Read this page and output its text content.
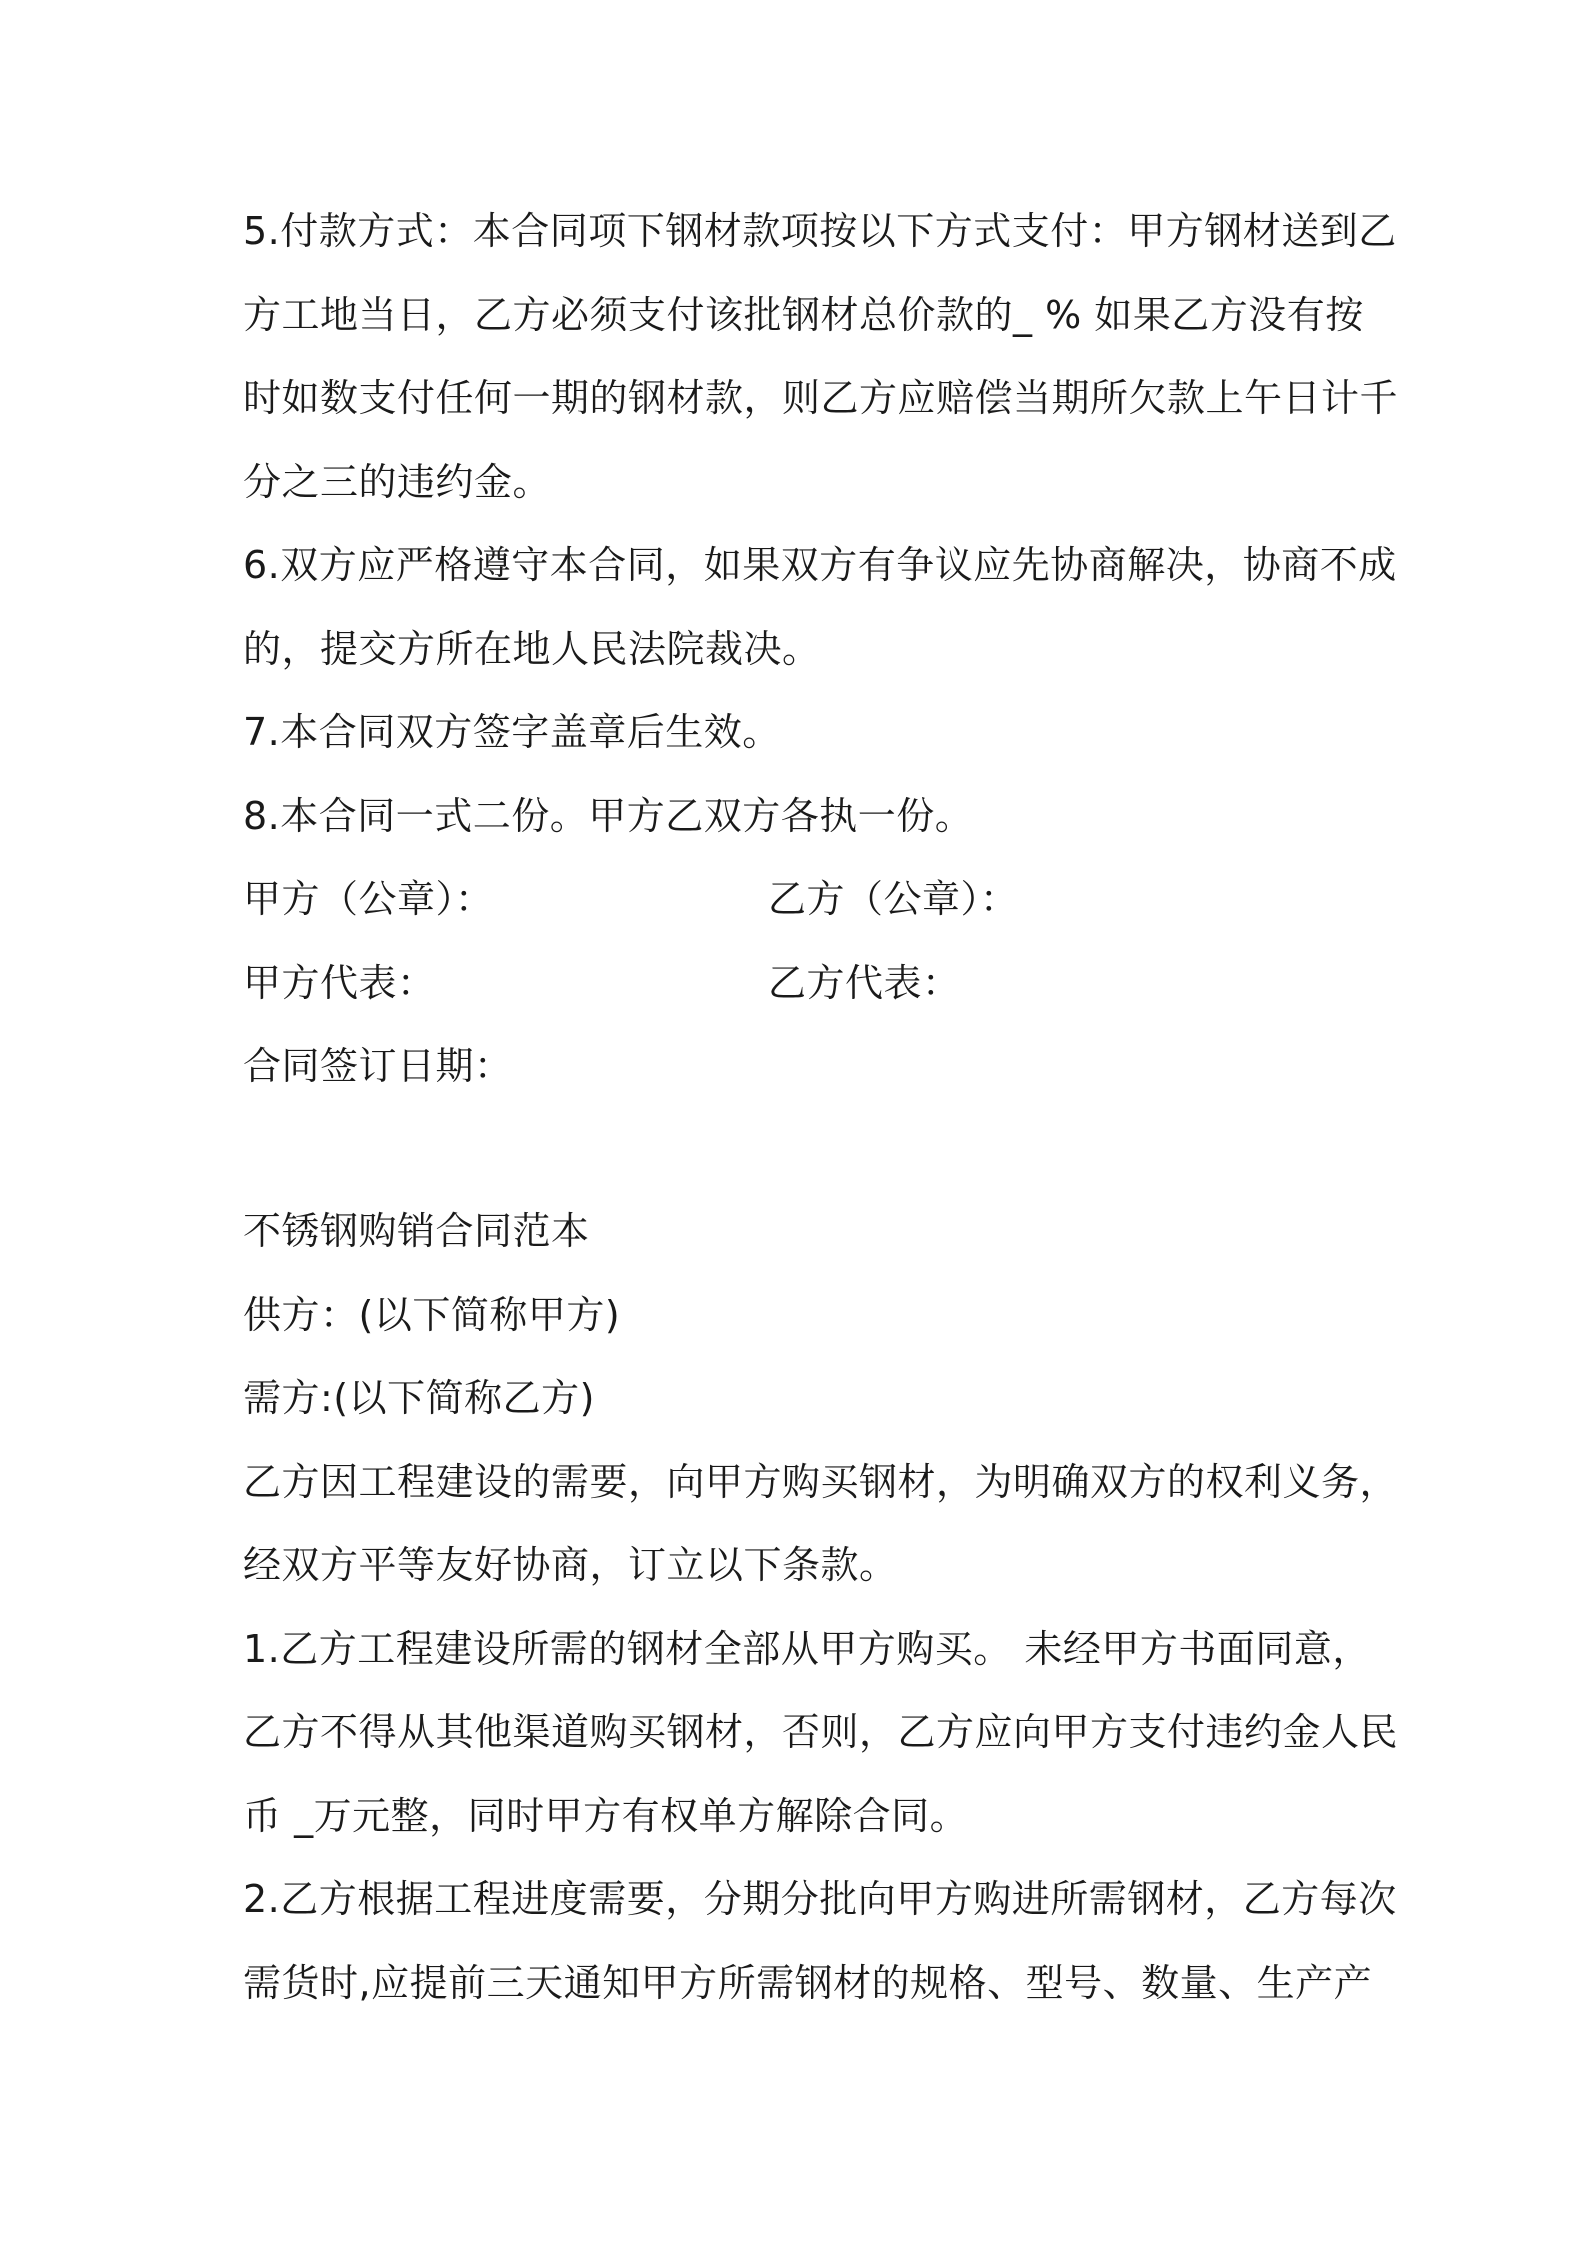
5.付款方式：本合同项下钢材款项按以下方式支付：甲方钢材送到乙

方工地当日，乙方必须支付该批钢材总价款的_ % 如果乙方没有按

时如数支付任何一期的钢材款，则乙方应赔偿当期所欠款上午日计千

分之三的违约金。

6.双方应严格遵守本合同，如果双方有争议应先协商解决，协商不成

的，提交方所在地人民法院裁决。

7.本合同双方签字盖章后生效。

8.本合同一式二份。甲方乙双方各执一份。

甲方（公章）：	乙方（公章）：
甲方代表：	乙方代表：

合同签订日期：

不锈钢购销合同范本

供方：(以下简称甲方)

需方:(以下简称乙方)

乙方因工程建设的需要，向甲方购买钢材，为明确双方的权利义务，

经双方平等友好协商，订立以下条款。

1.乙方工程建设所需的钢材全部从甲方购买。 未经甲方书面同意，

乙方不得从其他渠道购买钢材，否则，乙方应向甲方支付违约金人民

币 _万元整，同时甲方有权单方解除合同。

2.乙方根据工程进度需要，分期分批向甲方购进所需钢材，乙方每次

需货时,应提前三天通知甲方所需钢材的规格、型号、数量、生产产
